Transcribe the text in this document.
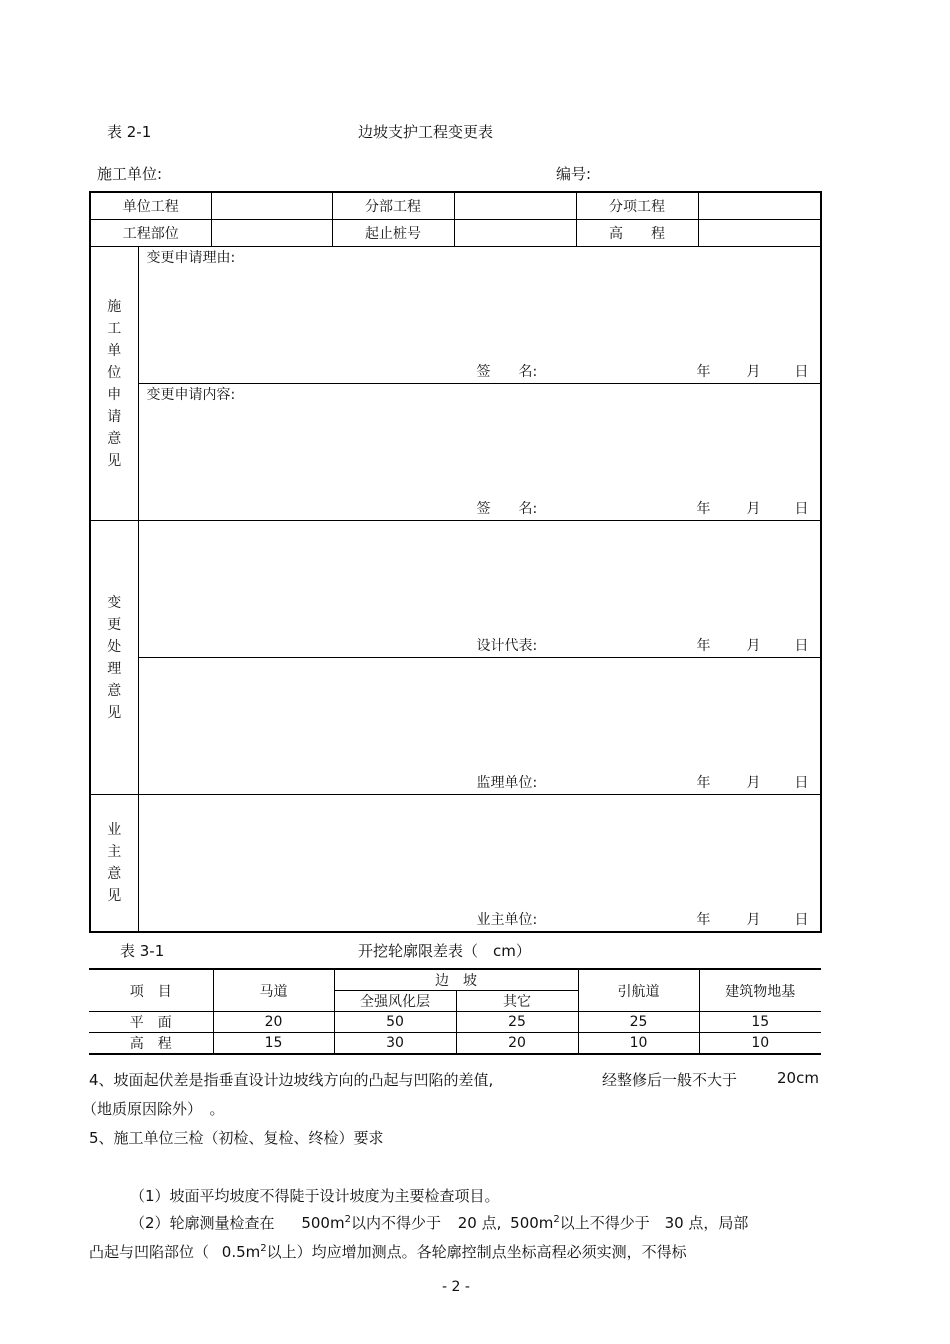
表 2-1	边坡支护工程变更表
施工单位:	编号:
单位工程			分部工程		分项工程	
工程部位			起止桩号		高　　程	

施工单位申请意见	变更申请理由:
签　　名: 年 月 日					

	变更申请内容:
签　　名: 年 月 日					

变更处理意见	设计代表: 年 月 日					

	监理单位: 年 月 日					

业主意见	业主单位: 年 月 日					
表 3-1	开挖轮廓限差表（　cm）
项　目	马道	边　坡		引航道	建筑物地基
		全强风化层	其它		
平　面	20	50	25	25	15
高　程	15	30	20	10	10
4、坡面起伏差是指垂直设计边坡线方向的凸起与凹陷的差值,	经整修后一般不大于	20cm
（地质原因除外）　。
5、施工单位三检（初检、复检、终检）要求
（1）坡面平均坡度不得陡于设计坡度为主要检查项目。
（2）轮廓测量检查在 $500m^2$以内不得少于 20 点, $500m^2$以上不得少于 30 点，局部
凸起与凹陷部位（ $0.5m^2$以上）均应增加测点。各轮廓控制点坐标高程必须实测，不得标
- 2 -
